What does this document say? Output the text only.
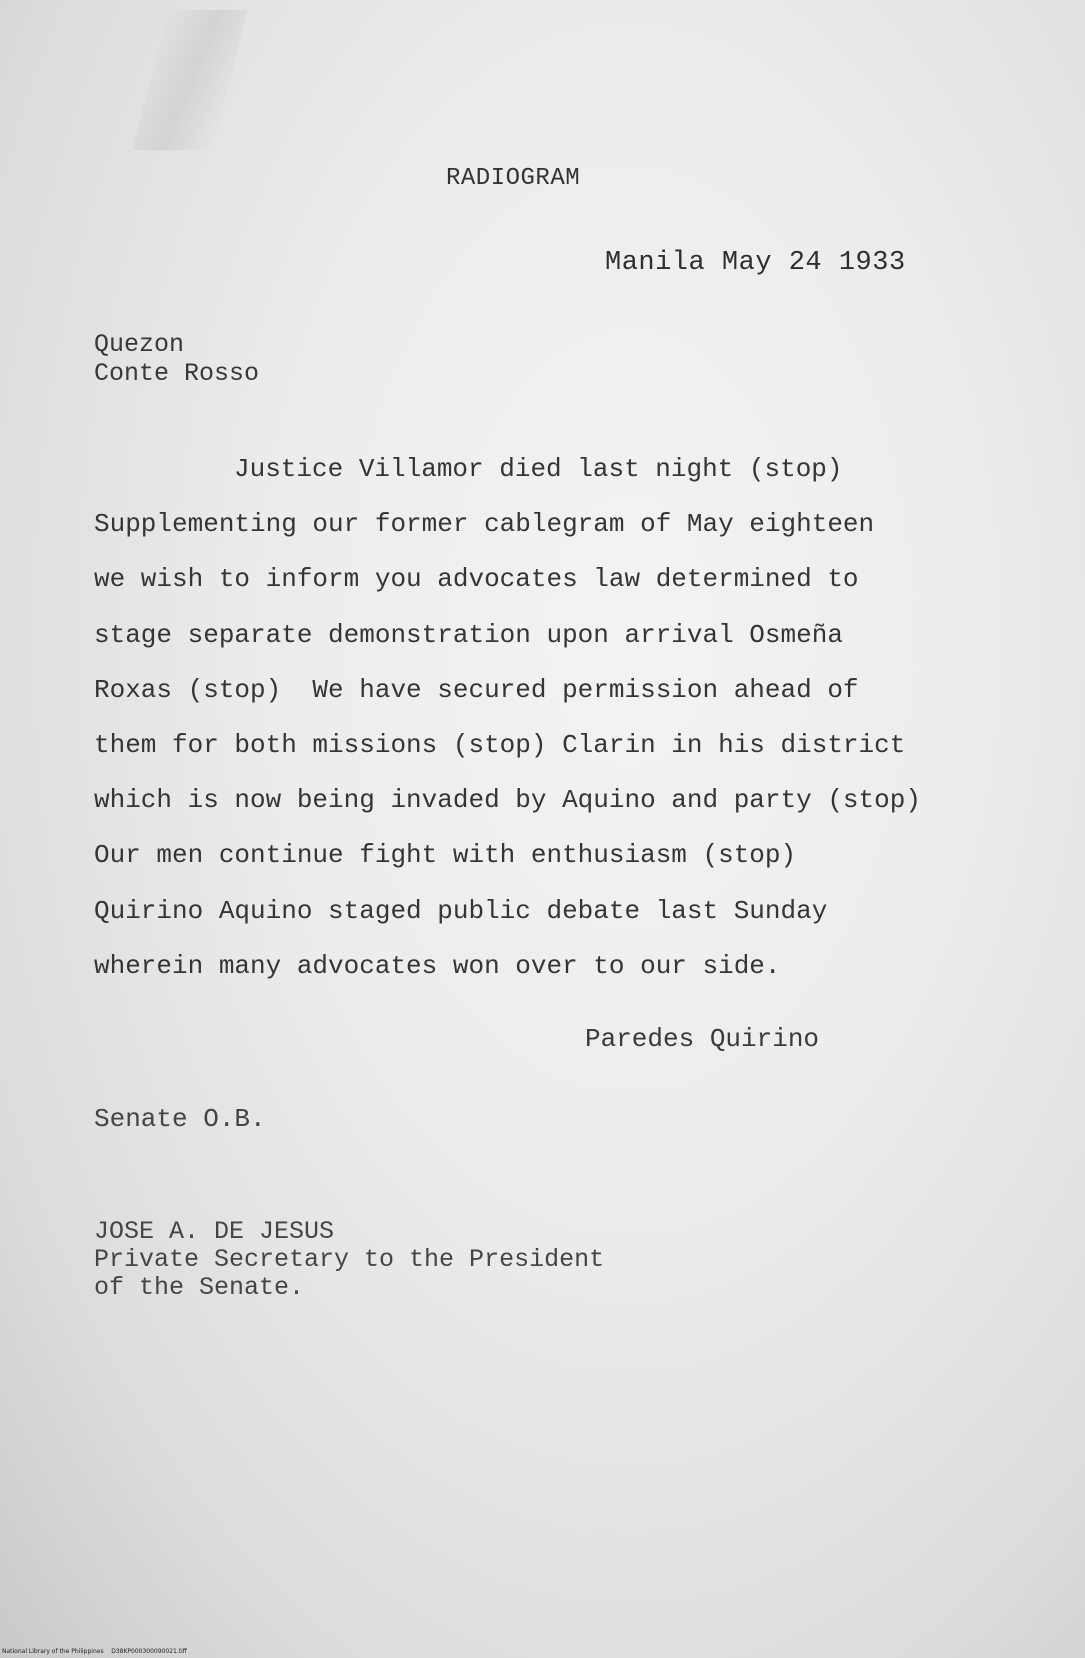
RADIOGRAM
Manila May 24 1933
Quezon
Conte Rosso
Justice Villamor died last night (stop)
Supplementing our former cablegram of May eighteen
we wish to inform you advocates law determined to
stage separate demonstration upon arrival Osmeña
Roxas (stop)  We have secured permission ahead of
them for both missions (stop) Clarin in his district
which is now being invaded by Aquino and party (stop)
Our men continue fight with enthusiasm (stop)
Quirino Aquino staged public debate last Sunday
wherein many advocates won over to our side.
Paredes Quirino
Senate O.B.
JOSE A. DE JESUS
Private Secretary to the President
of the Senate.
National Library of the Philippines D38KP000300090021.tiff
